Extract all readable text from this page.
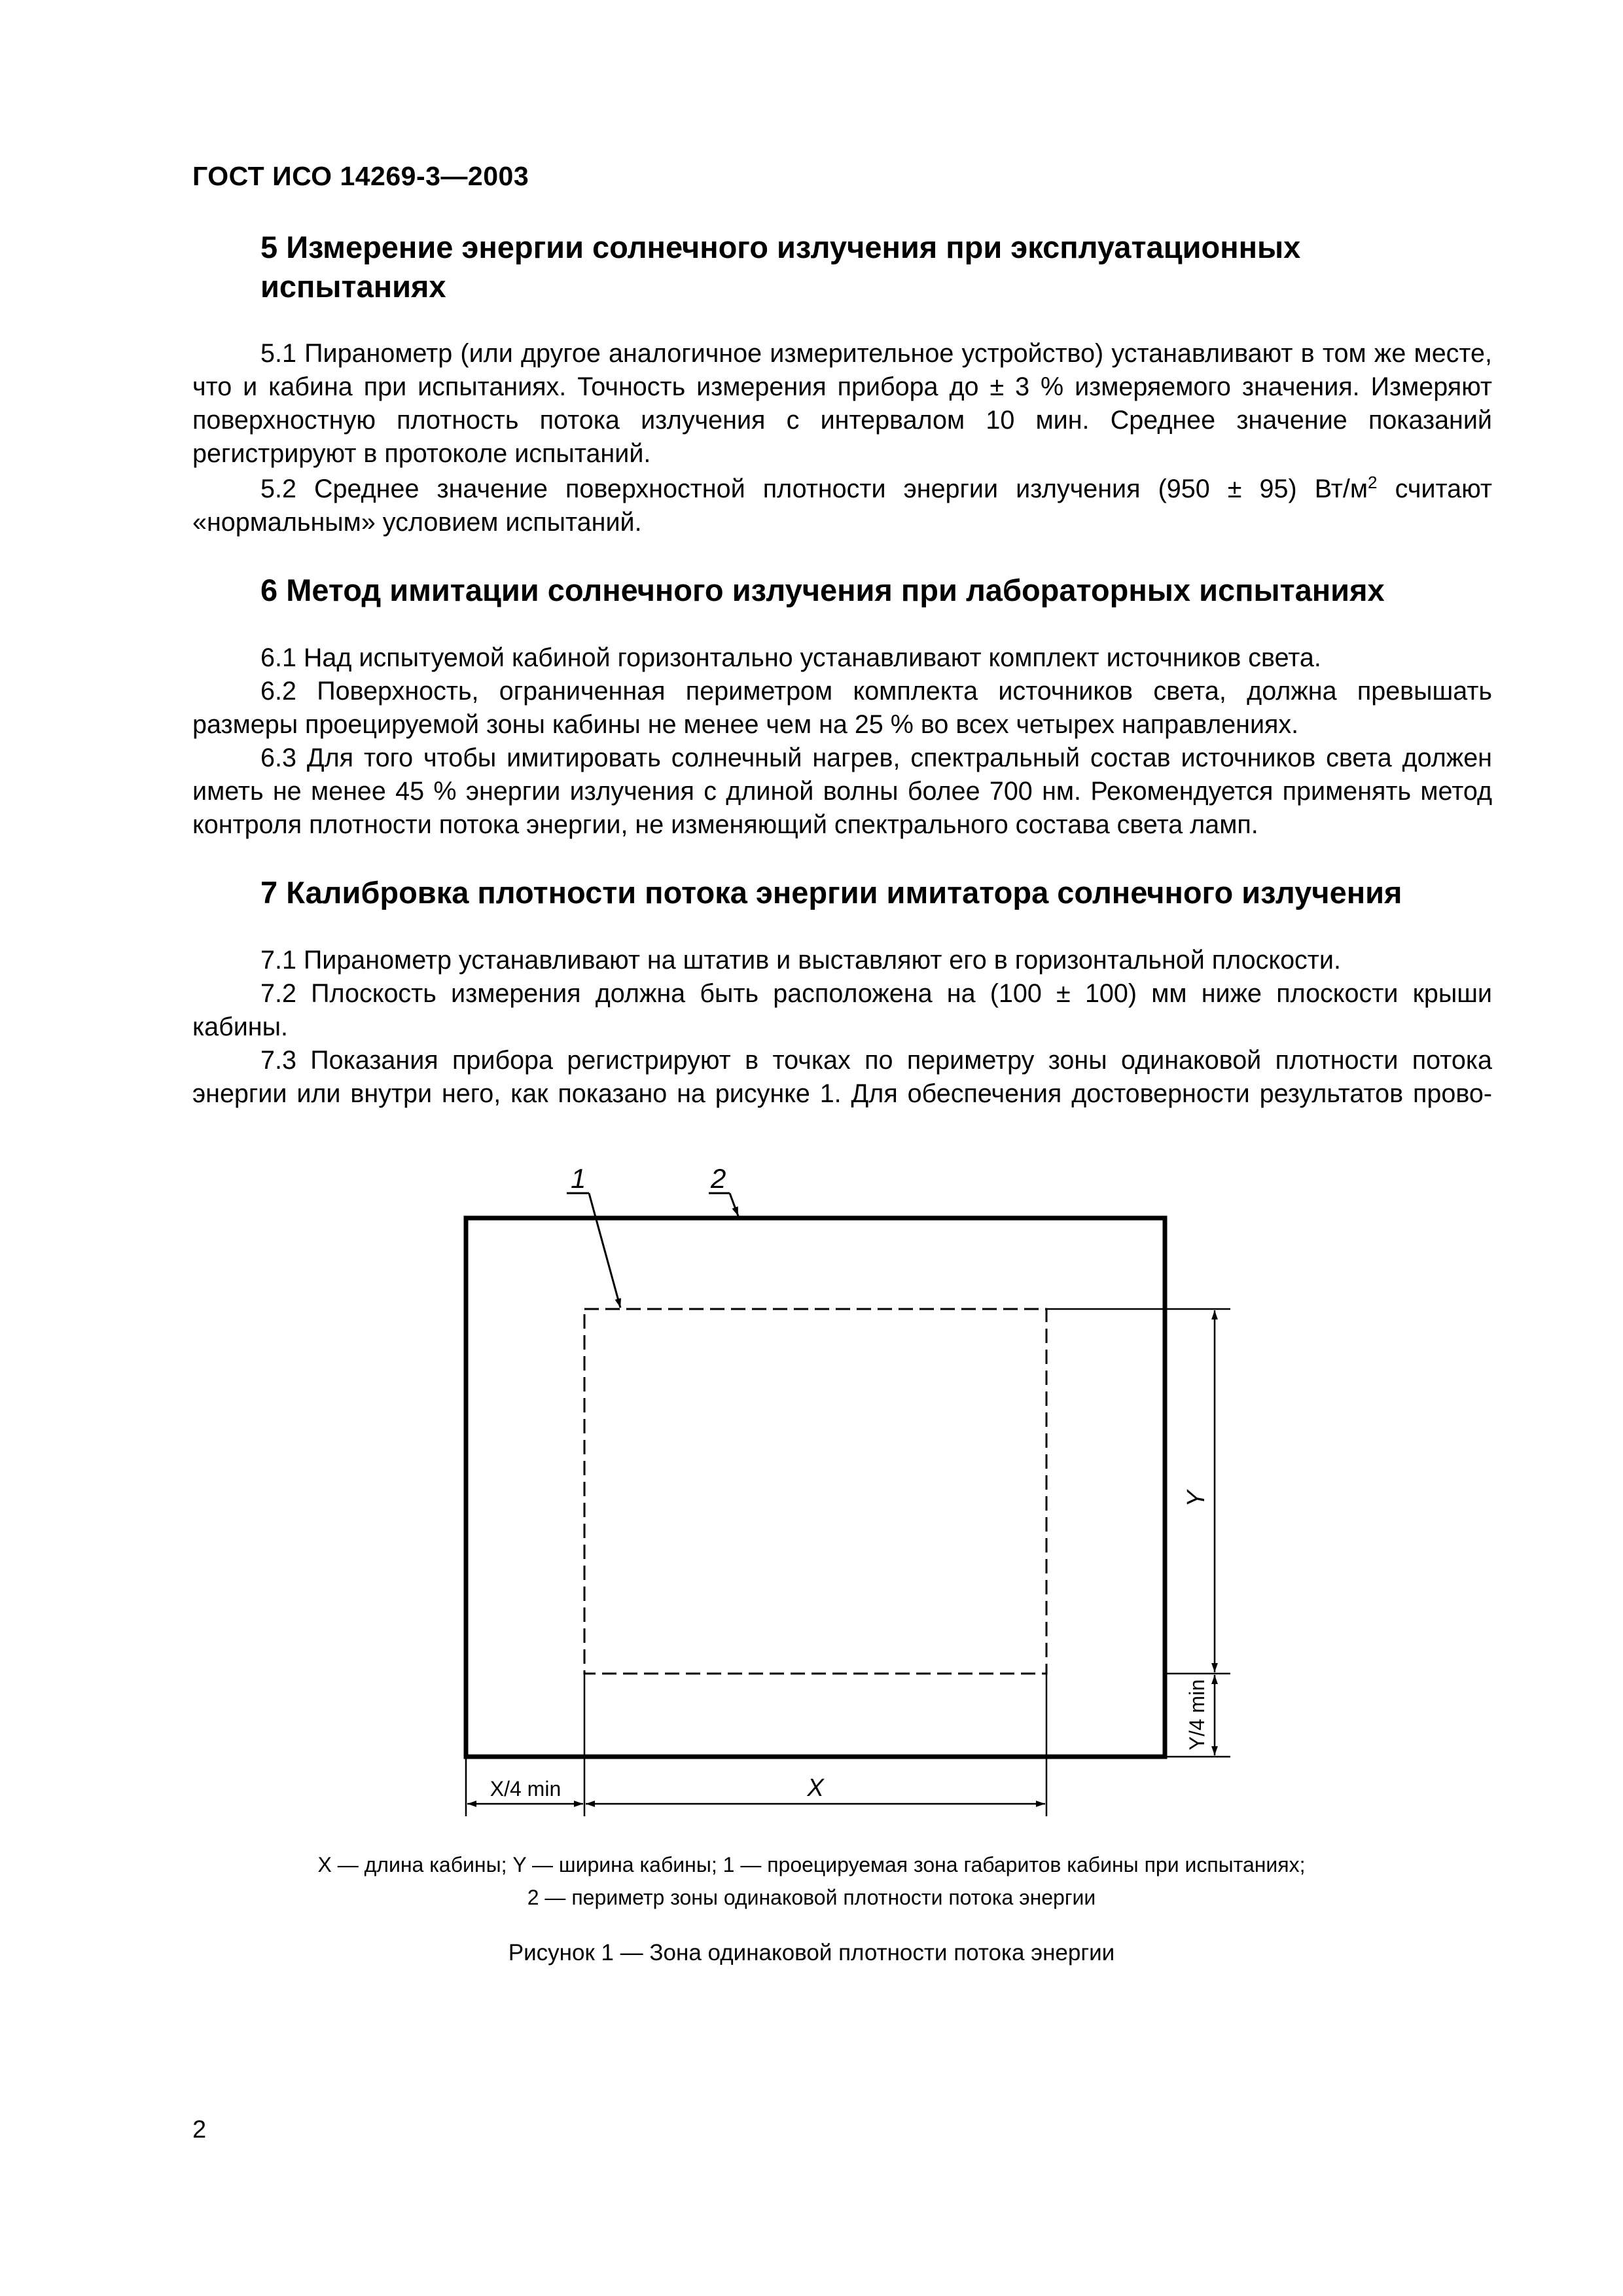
ГОСТ ИСО 14269-3—2003
5 Измерение энергии солнечного излучения при эксплуатационных
испытаниях

5.1 Пиранометр (или другое аналогичное измерительное устройство) устанавливают в том же месте, что и кабина при испытаниях. Точность измерения прибора до ± 3 % измеряемого значения. Измеряют поверхностную плотность потока излучения с интервалом 10 мин. Среднее значение показаний регистрируют в протоколе испытаний.

5.2 Среднее значение поверхностной плотности энергии излучения (950 ± 95) $Вт/м^2$ считают «нормальным» условием испытаний.

6 Метод имитации солнечного излучения при лабораторных испытаниях

6.1 Над испытуемой кабиной горизонтально устанавливают комплект источников света.

6.2 Поверхность, ограниченная периметром комплекта источников света, должна превышать размеры проецируемой зоны кабины не менее чем на 25 % во всех четырех направлениях.

6.3 Для того чтобы имитировать солнечный нагрев, спектральный состав источников света должен иметь не менее 45 % энергии излучения с длиной волны более 700 нм. Рекомендуется применять метод контроля плотности потока энергии, не изменяющий спектрального состава света ламп.

7 Калибровка плотности потока энергии имитатора солнечного излучения

7.1 Пиранометр устанавливают на штатив и выставляют его в горизонтальной плоскости.

7.2 Плоскость измерения должна быть расположена на (100 ± 100) мм ниже плоскости крыши кабины.

7.3 Показания прибора регистрируют в точках по периметру зоны одинаковой плотности потока энергии или внутри него, как показано на рисунке 1. Для обеспечения достоверности результатов прово-

1	2
Y
Y/4 min
X/4 min	X
X — длина кабины; Y — ширина кабины; 1 — проецируемая зона габаритов кабины при испытаниях;
2 — периметр зоны одинаковой плотности потока энергии
Рисунок 1 — Зона одинаковой плотности потока энергии
2
